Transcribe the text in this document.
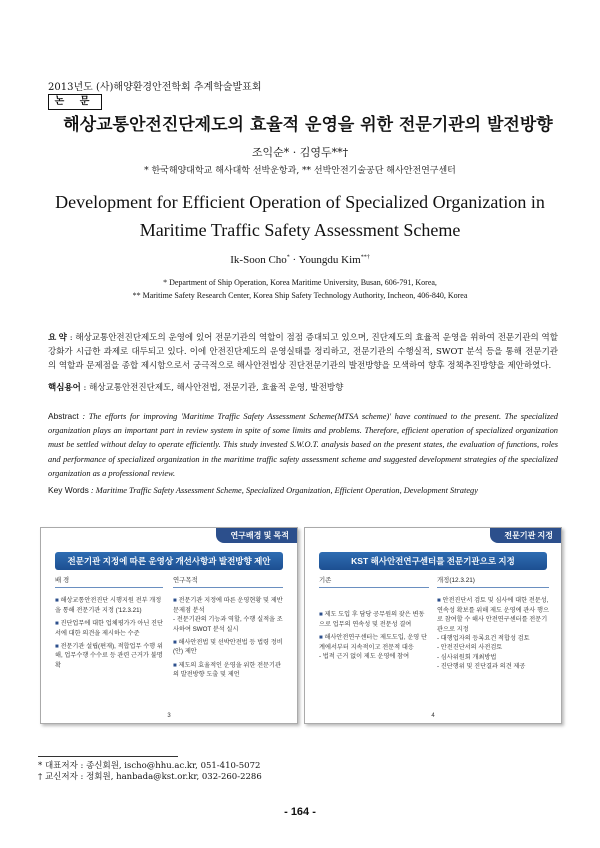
2013년도 (사)해양환경안전학회 추계학술발표회
논 문
해상교통안전진단제도의 효율적 운영을 위한 전문기관의 발전방향
조익순* · 김영두**†
* 한국해양대학교 해사대학 선박운항과, ** 선박안전기술공단 해사안전연구센터
Development for Efficient Operation of Specialized Organization in
Maritime Traffic Safety Assessment Scheme
Ik-Soon Cho* · Youngdu Kim**†
* Department of Ship Operation, Korea Maritime University, Busan, 606-791, Korea,
** Maritime Safety Research Center, Korea Ship Safety Technology Authority, Incheon, 406-840, Korea
요 약 : 해상교통안전진단제도의 운영에 있어 전문기관의 역할이 점점 증대되고 있으며, 진단제도의 효율적 운영을 위하여 전문기관의 역할 강화가 시급한 과제로 대두되고 있다. 이에 안전진단제도의 운영실태를 정리하고, 전문기관의 수행실적, SWOT 분석 등을 통해 전문기관의 역할과 문제점을 종합 제시함으로서 궁극적으로 해사안전법상 진단전문기관의 발전방향을 모색하여 향후 정책추진방향을 제안하였다.
핵심용어 : 해상교통안전진단제도, 해사안전법, 전문기관, 효율적 운영, 발전방향
Abstract : The efforts for improving 'Maritime Traffic Safety Assessment Scheme(MTSA scheme)' have continued to the present. The specialized organization plays an important part in review system in spite of some limits and problems. Therefore, efficient operation of specialized organization must be settled without delay to operate efficiently. This study invested S.W.O.T. analysis based on the present states, the evaluation of functions, roles and performance of specialized organization in the maritime traffic safety assessment scheme and suggested development strategies of the specialized organization as a professional review.
Key Words : Maritime Traffic Safety Assessment Scheme, Specialized Organization, Efficient Operation, Development Strategy
연구배경 및 목적
전문기관 지정에 따른 운영상 개선사항과 발전방향 제안
배 경
■ 해상교통안전진단 시행지원 전부 개정을 통해 전문기관 지정 ('12.3.21)
■ 진단업무에 대한 업체평가가 아닌 진단서에 대한 의견을 제시하는 수준
■ 전문기관 설립(편재), 적합업무 수행 위해, 업무수행 수수료 등 관련 근거가 불명확
연구목적
■ 전문기관 지정에 따른 운영현황 및 제반 문제점 분석
- 전문기관의 기능과 역할, 수행 실적을 조사하여 SWOT 분석 실시
■ 해사안전법 및 선박안전법 등 법령 정비(안) 제안
■ 제도의 효율적인 운영을 위한 전문기관의 발전방향 도출 및 제언
3
전문기관 지정
KST 해사안전연구센터를 전문기관으로 지정
기존
■ 제도 도입 후 담당 공무원의 잦은 변동으로 업무의 연속성 및 전문성 결여
■ 해사안전연구센터는 제도도입, 운영 단계에서부터 지속적이고 전문적 대응
- 법적 근거 없이 제도 운영에 참여
개정(12.3.21)
■ 안전진단서 검토 및 심사에 대한 전문성, 연속성 확보를 위해 제도 운영에 관사 행으로 참여할 수 해사 안전연구센터를 전문기관으로 지정
- 대행업자의 등록요건 적합성 검토
- 안전진단서의 사전검토
- 심사위원회 개최방법
- 진단행위 및 진단결과 의견 제공
4
* 대표저자 : 종신회원, ischo@hhu.ac.kr, 051-410-5072
† 교신저자 : 정회원, hanbada@kst.or.kr, 032-260-2286
- 164 -
